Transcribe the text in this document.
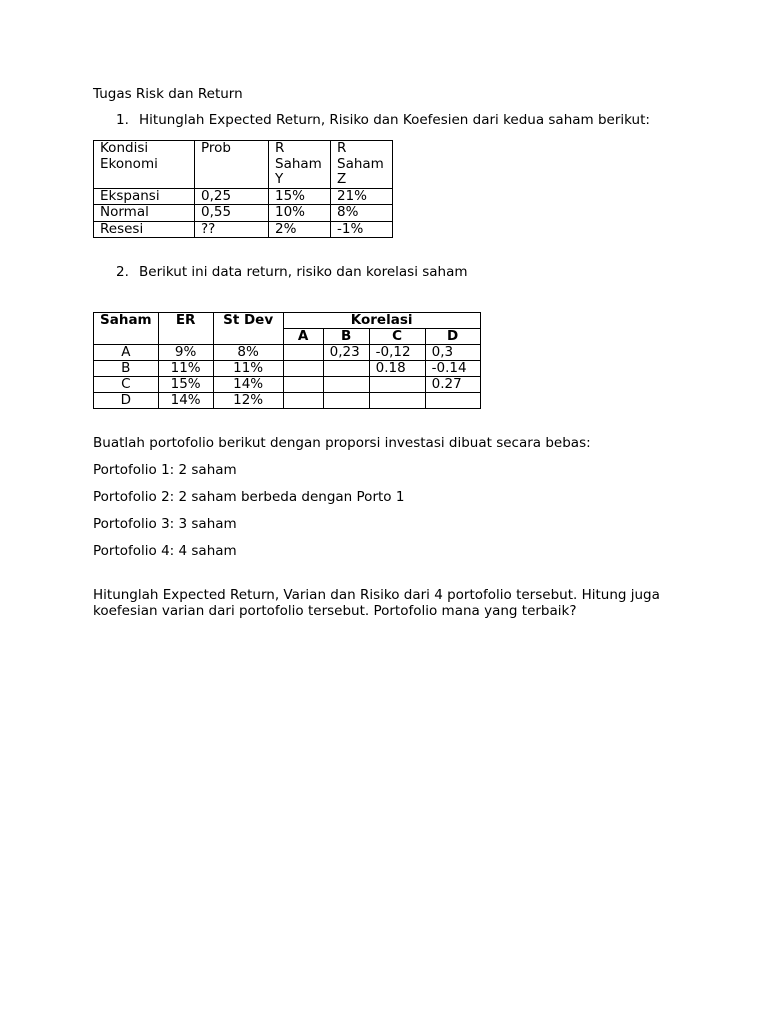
Tugas Risk dan Return

1. Hitunglah Expected Return, Risiko dan Koefesien dari kedua saham berikut:
Kondisi Ekonomi	Prob	R Saham Y	R Saham Z
Ekspansi	0,25	15%	21%
Normal	0,55	10%	8%
Resesi	??	2%	-1%
2. Berikut ini data return, risiko dan korelasi saham
Saham	ER	St Dev	Korelasi			
			A	B	C	D
A	9%	8%		0,23	-0,12	0,3
B	11%	11%			0.18	-0.14
C	15%	14%				0.27
D	14%	12%				

Buatlah portofolio berikut dengan proporsi investasi dibuat secara bebas:

Portofolio 1: 2 saham

Portofolio 2: 2 saham berbeda dengan Porto 1

Portofolio 3: 3 saham

Portofolio 4: 4 saham

Hitunglah Expected Return, Varian dan Risiko dari 4 portofolio tersebut. Hitung juga koefesian varian dari portofolio tersebut. Portofolio mana yang terbaik?
